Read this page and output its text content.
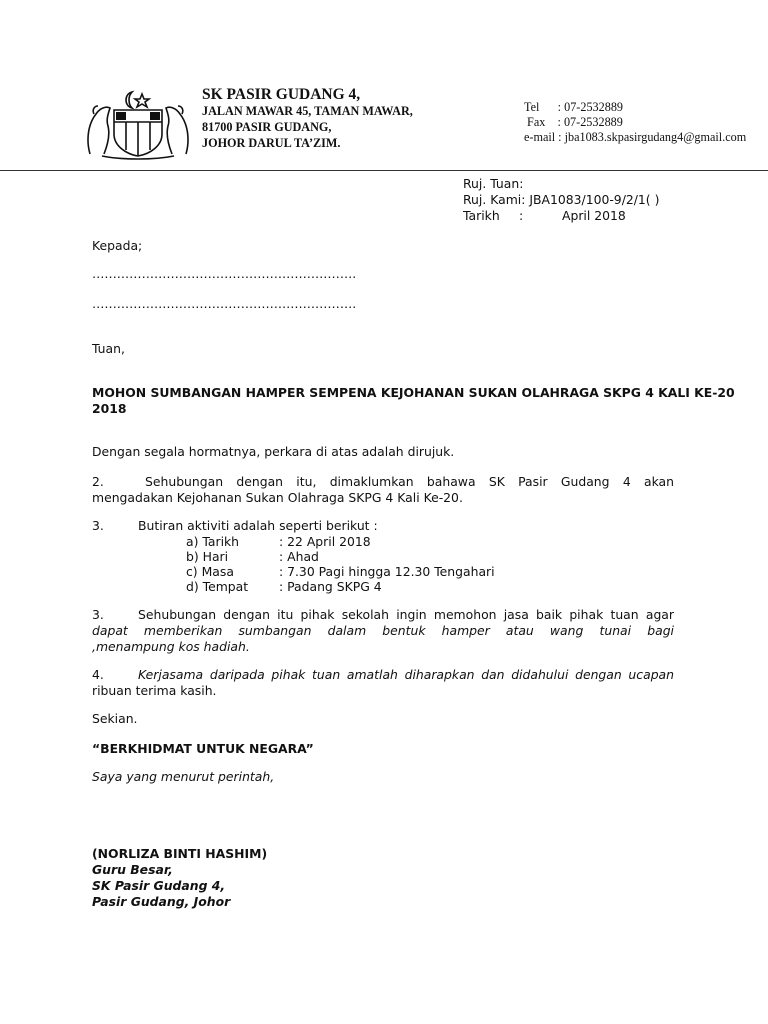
SK PASIR GUDANG 4,
JALAN MAWAR 45, TAMAN MAWAR,
81700 PASIR GUDANG,
JOHOR DARUL TA’ZIM.
Tel      : 07-2532889
Fax    : 07-2532889
e-mail : jba1083.skpasirgudang4@gmail.com
Ruj. Tuan:
Ruj. Kami: JBA1083/100-9/2/1( )
Tarikh :	April 2018
Kepada;
……………………………………………………….
……………………………………………………….
Tuan,
MOHON SUMBANGAN HAMPER SEMPENA KEJOHANAN SUKAN OLAHRAGA SKPG 4 KALI KE-20
2018
Dengan segala hormatnya, perkara di atas adalah dirujuk.
2.	Sehubungan dengan itu, dimaklumkan bahawa SK Pasir Gudang 4 akan
mengadakan Kejohanan Sukan Olahraga SKPG 4 Kali Ke-20.
3.	Butiran aktiviti adalah seperti berikut :
a) Tarikh	: 22 April 2018
b) Hari	: Ahad
c) Masa	: 7.30 Pagi hingga 12.30 Tengahari
d) Tempat : Padang SKPG 4
3.	Sehubungan dengan itu pihak sekolah ingin memohon jasa baik pihak tuan agar
dapat memberikan sumbangan dalam bentuk hamper atau wang tunai bagi
,menampung kos hadiah.
4.	Kerjasama daripada pihak tuan amatlah diharapkan dan didahului dengan ucapan
ribuan terima kasih.
Sekian.
“BERKHIDMAT UNTUK NEGARA”
Saya yang menurut perintah,
(NORLIZA BINTI HASHIM)
Guru Besar,
SK Pasir Gudang 4,
Pasir Gudang, Johor
